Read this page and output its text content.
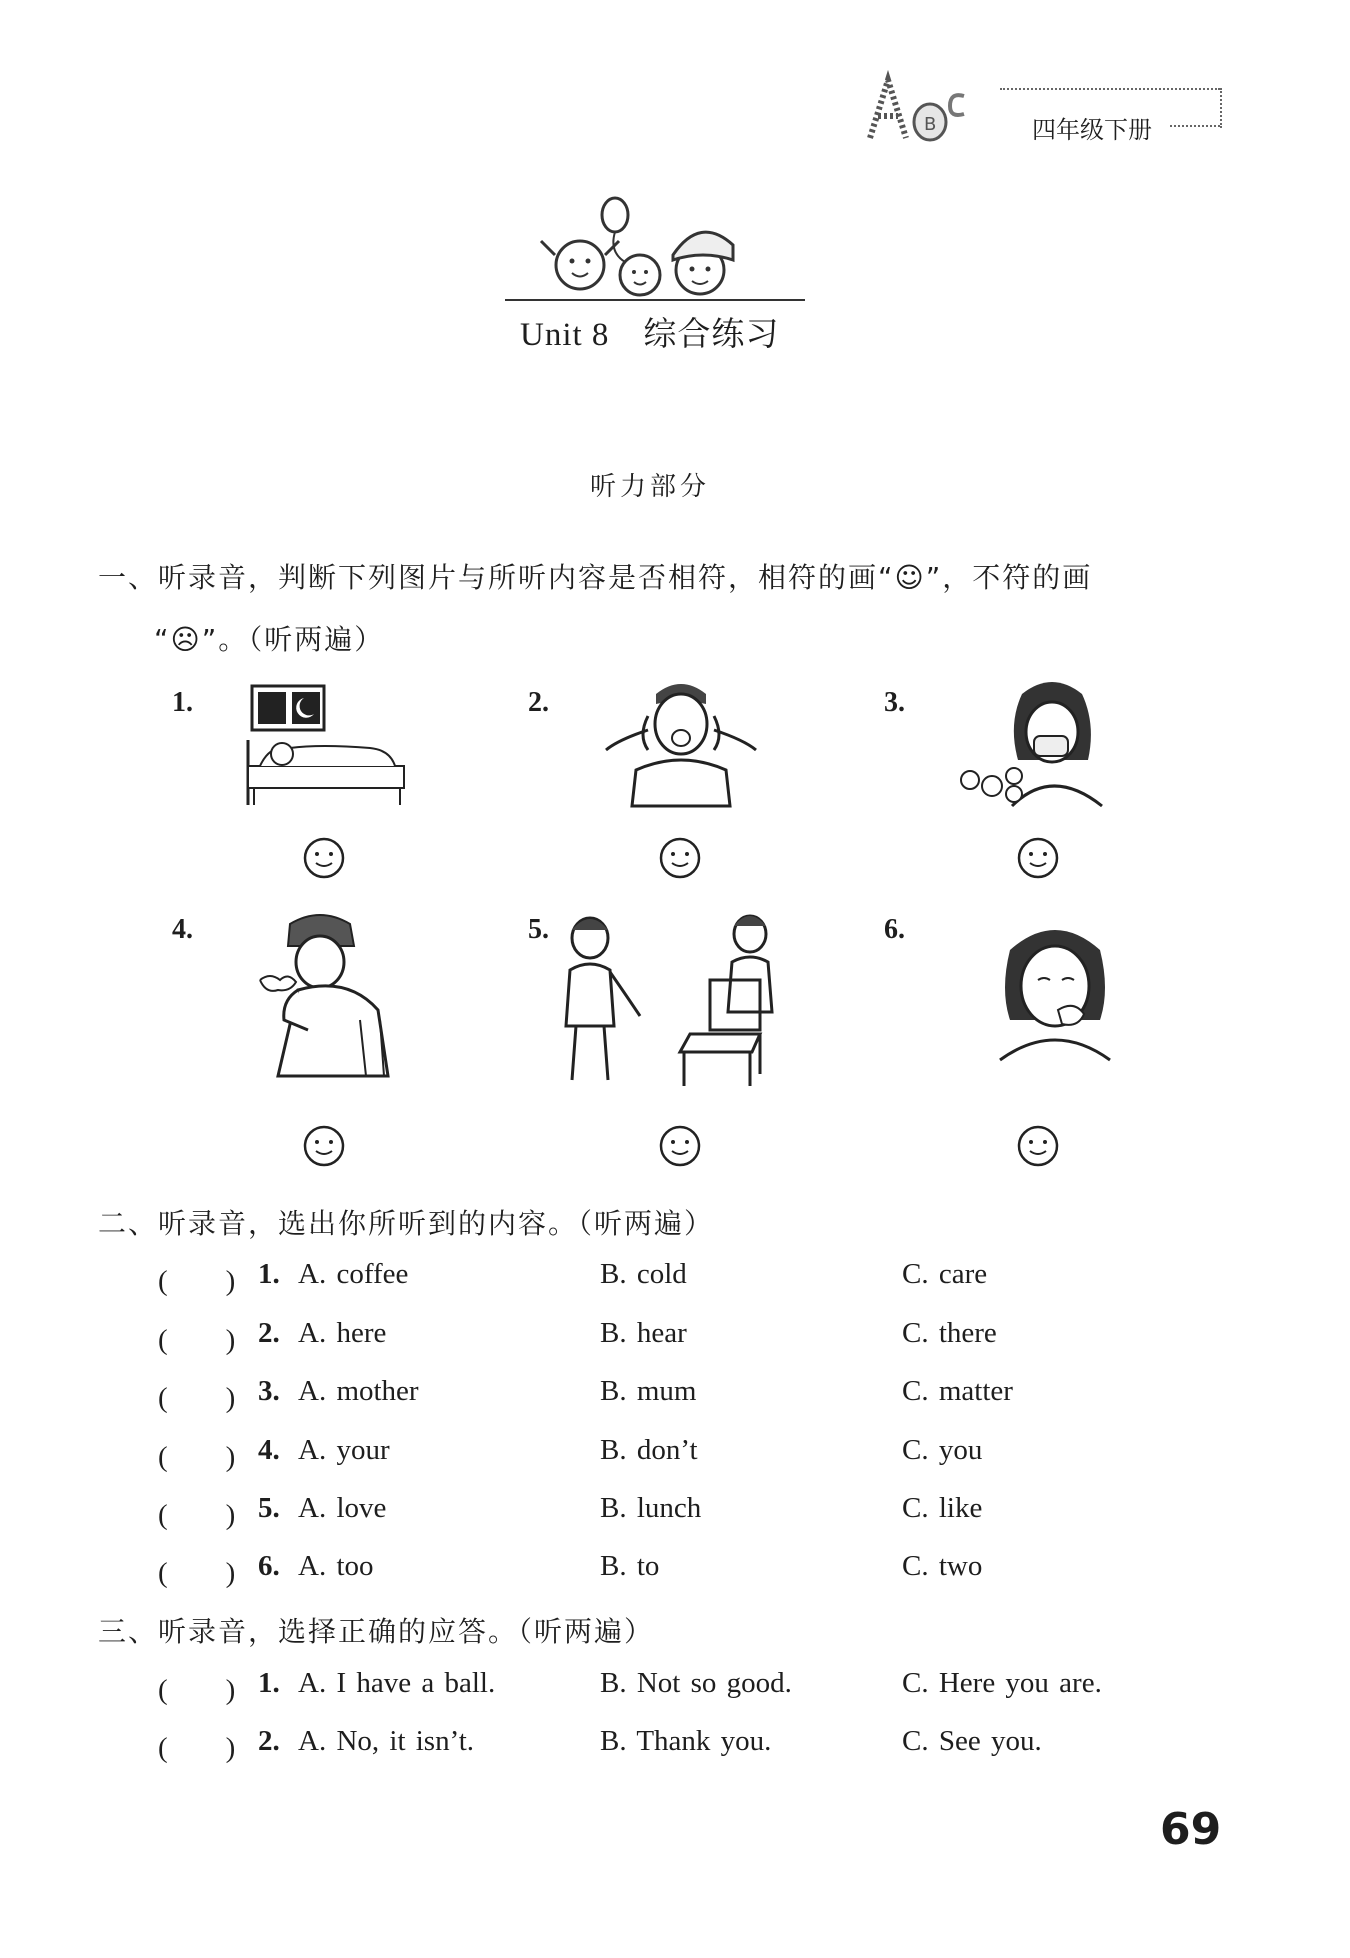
B	四年级下册
Unit 8 综合练习
听力部分
一、听录音，判断下列图片与所听内容是否相符，相符的画“☺”，不符的画
“☹”。（听两遍）
1.	2.	3.
4.	5.	6.
二、听录音，选出你所听到的内容。（听两遍）
(　　) 1. A. coffee	B. cold	C. care
(　　) 2. A. here	B. hear	C. there
(　　) 3. A. mother	B. mum	C. matter
(　　) 4. A. your	B. don’t	C. you
(　　) 5. A. love	B. lunch	C. like
(　　) 6. A. too	B. to	C. two
三、听录音，选择正确的应答。（听两遍）
(　　) 1. A. I have a ball.	B. Not so good.	C. Here you are.
(　　) 2. A. No, it isn’t.	B. Thank you.	C. See you.
69
